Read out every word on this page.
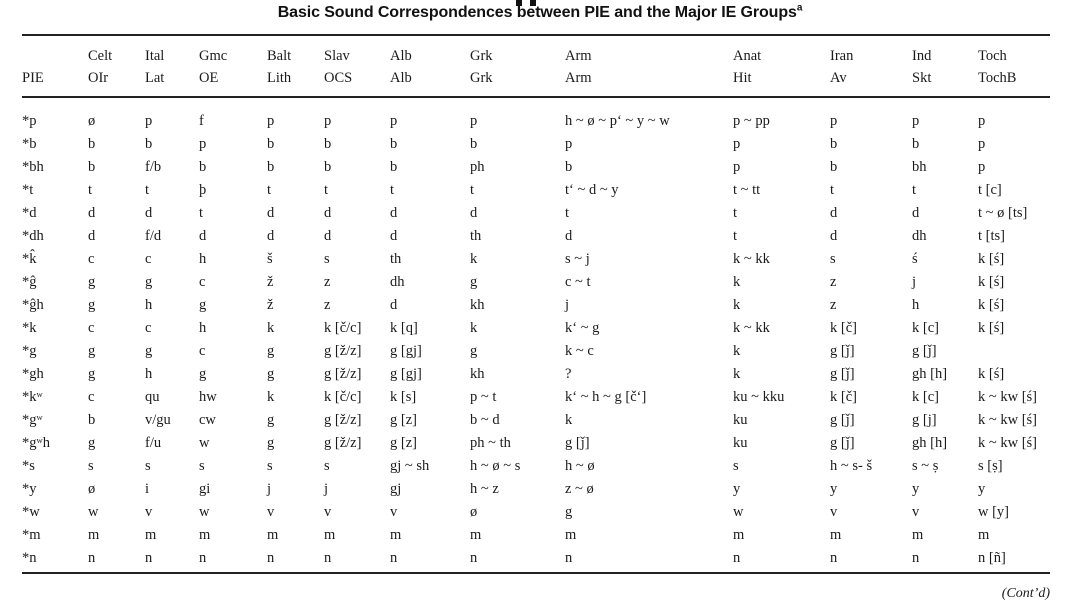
Basic Sound Correspondences between PIE and the Major IE Groups$^a$
	Celt	Ital	Gmc	Balt	Slav	Alb	Grk	Arm	Anat	Iran	Ind	Toch
PIE	OIr	Lat	OE	Lith	OCS	Alb	Grk	Arm	Hit	Av	Skt	TochB
*p	ø	p	f	p	p	p	p	h ~ ø ~ p‘ ~ y ~ w	p ~ pp	p	p	p
*b	b	b	p	b	b	b	b	p	p	b	b	p
*bh	b	f/b	b	b	b	b	ph	b	p	b	bh	p
*t	t	t	þ	t	t	t	t	t‘ ~ d ~ y	t ~ tt	t	t	t [c]
*d	d	d	t	d	d	d	d	t	t	d	d	t ~ ø [ts]
*dh	d	f/d	d	d	d	d	th	d	t	d	dh	t [ts]
*k̂	c	c	h	š	s	th	k	s ~ j	k ~ kk	s	ś	k [ś]
*ĝ	g	g	c	ž	z	dh	g	c ~ t	k	z	j	k [ś]
*ĝh	g	h	g	ž	z	d	kh	j	k	z	h	k [ś]
*k	c	c	h	k	k [č/c]	k [q]	k	k‘ ~ g	k ~ kk	k [č]	k [c]	k [ś]
*g	g	g	c	g	g [ž/z]	g [gj]	g	k ~ c	k	g [ǰ]	g [ǰ]	
*gh	g	h	g	g	g [ž/z]	g [gj]	kh	?	k	g [ǰ]	gh [h]	k [ś]
*kʷ	c	qu	hw	k	k [č/c]	k [s]	p ~ t	k‘ ~ h ~ g [č‘]	ku ~ kku	k [č]	k [c]	k ~ kw [ś]
*gʷ	b	v/gu	cw	g	g [ž/z]	g [z]	b ~ d	k	ku	g [ǰ]	g [j]	k ~ kw [ś]
*gʷh	g	f/u	w	g	g [ž/z]	g [z]	ph ~ th	g [ǰ]	ku	g [ǰ]	gh [h]	k ~ kw [ś]
*s	s	s	s	s	s	gj ~ sh	h ~ ø ~ s	h ~ ø	s	h ~ s- š	s ~ ṣ	s [ṣ]
*y	ø	i	gi	j	j	gj	h ~ z	z ~ ø	y	y	y	y
*w	w	v	w	v	v	v	ø	g	w	v	v	w [y]
*m	m	m	m	m	m	m	m	m	m	m	m	m
*n	n	n	n	n	n	n	n	n	n	n	n	n [ñ]
(Cont’d)
